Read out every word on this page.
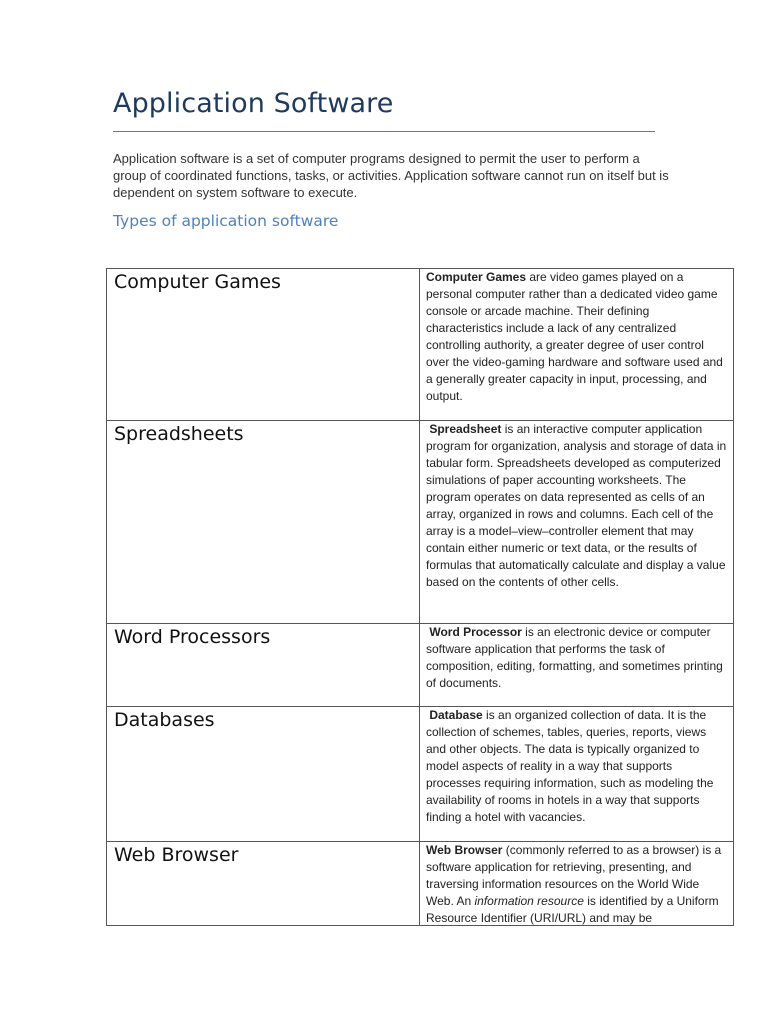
Application Software

Application software is a set of computer programs designed to permit the user to perform a group of coordinated functions, tasks, or activities. Application software cannot run on itself but is dependent on system software to execute.

Types of application software
Computer Games	Computer Games are video games played on a personal computer rather than a dedicated video game console or arcade machine. Their defining characteristics include a lack of any centralized controlling authority, a greater degree of user control over the video-gaming hardware and software used and a generally greater capacity in input, processing, and output.

Spreadsheets	Spreadsheet is an interactive computer application program for organization, analysis and storage of data in tabular form. Spreadsheets developed as computerized simulations of paper accounting worksheets. The program operates on data represented as cells of an array, organized in rows and columns. Each cell of the array is a model–view–controller element that may contain either numeric or text data, or the results of formulas that automatically calculate and display a value based on the contents of other cells.

Word Processors	Word Processor is an electronic device or computer software application that performs the task of composition, editing, formatting, and sometimes printing of documents.

Databases	Database is an organized collection of data. It is the collection of schemes, tables, queries, reports, views and other objects. The data is typically organized to model aspects of reality in a way that supports processes requiring information, such as modeling the availability of rooms in hotels in a way that supports finding a hotel with vacancies.

Web Browser	Web Browser (commonly referred to as a browser) is a software application for retrieving, presenting, and traversing information resources on the World Wide Web. An information resource is identified by a Uniform Resource Identifier (URI/URL) and may be
